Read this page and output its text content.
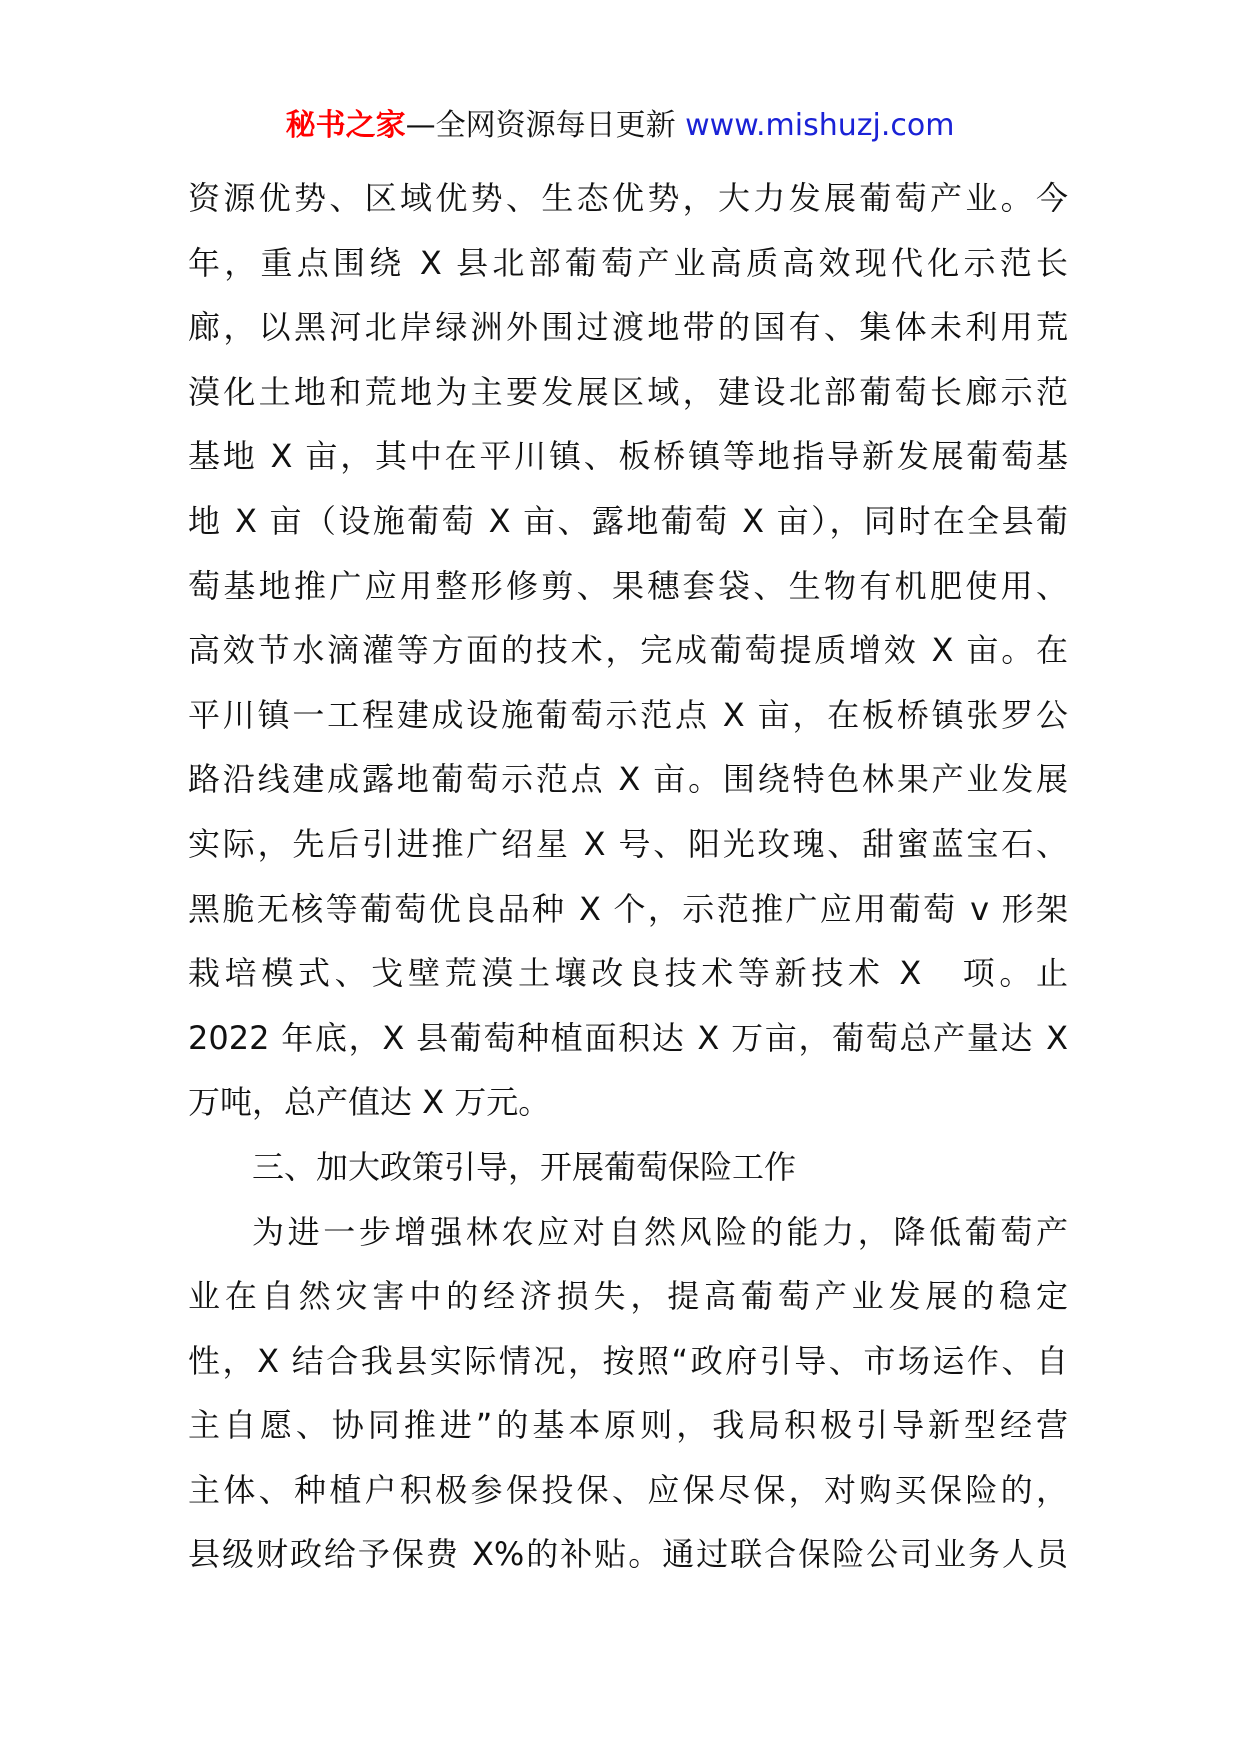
秘书之家—全网资源每日更新 www.mishuzj.com
资源优势、区域优势、生态优势，大力发展葡萄产业。今
年，重点围绕 X 县北部葡萄产业高质高效现代化示范长
廊，以黑河北岸绿洲外围过渡地带的国有、集体未利用荒
漠化土地和荒地为主要发展区域，建设北部葡萄长廊示范
基地 X 亩，其中在平川镇、板桥镇等地指导新发展葡萄基
地 X 亩（设施葡萄 X 亩、露地葡萄 X 亩），同时在全县葡
萄基地推广应用整形修剪、果穗套袋、生物有机肥使用、
高效节水滴灌等方面的技术，完成葡萄提质增效 X 亩。在
平川镇一工程建成设施葡萄示范点 X 亩，在板桥镇张罗公
路沿线建成露地葡萄示范点 X 亩。围绕特色林果产业发展
实际，先后引进推广绍星 X 号、阳光玫瑰、甜蜜蓝宝石、
黑脆无核等葡萄优良品种 X 个，示范推广应用葡萄 v 形架
栽培模式、戈壁荒漠土壤改良技术等新技术 X　项。止
2022 年底，X 县葡萄种植面积达 X 万亩，葡萄总产量达 X
万吨，总产值达 X 万元。
三、加大政策引导，开展葡萄保险工作
为进一步增强林农应对自然风险的能力，降低葡萄产
业在自然灾害中的经济损失，提高葡萄产业发展的稳定
性，X 结合我县实际情况，按照“政府引导、市场运作、自
主自愿、协同推进”的基本原则，我局积极引导新型经营
主体、种植户积极参保投保、应保尽保，对购买保险的，
县级财政给予保费 X%的补贴。通过联合保险公司业务人员
